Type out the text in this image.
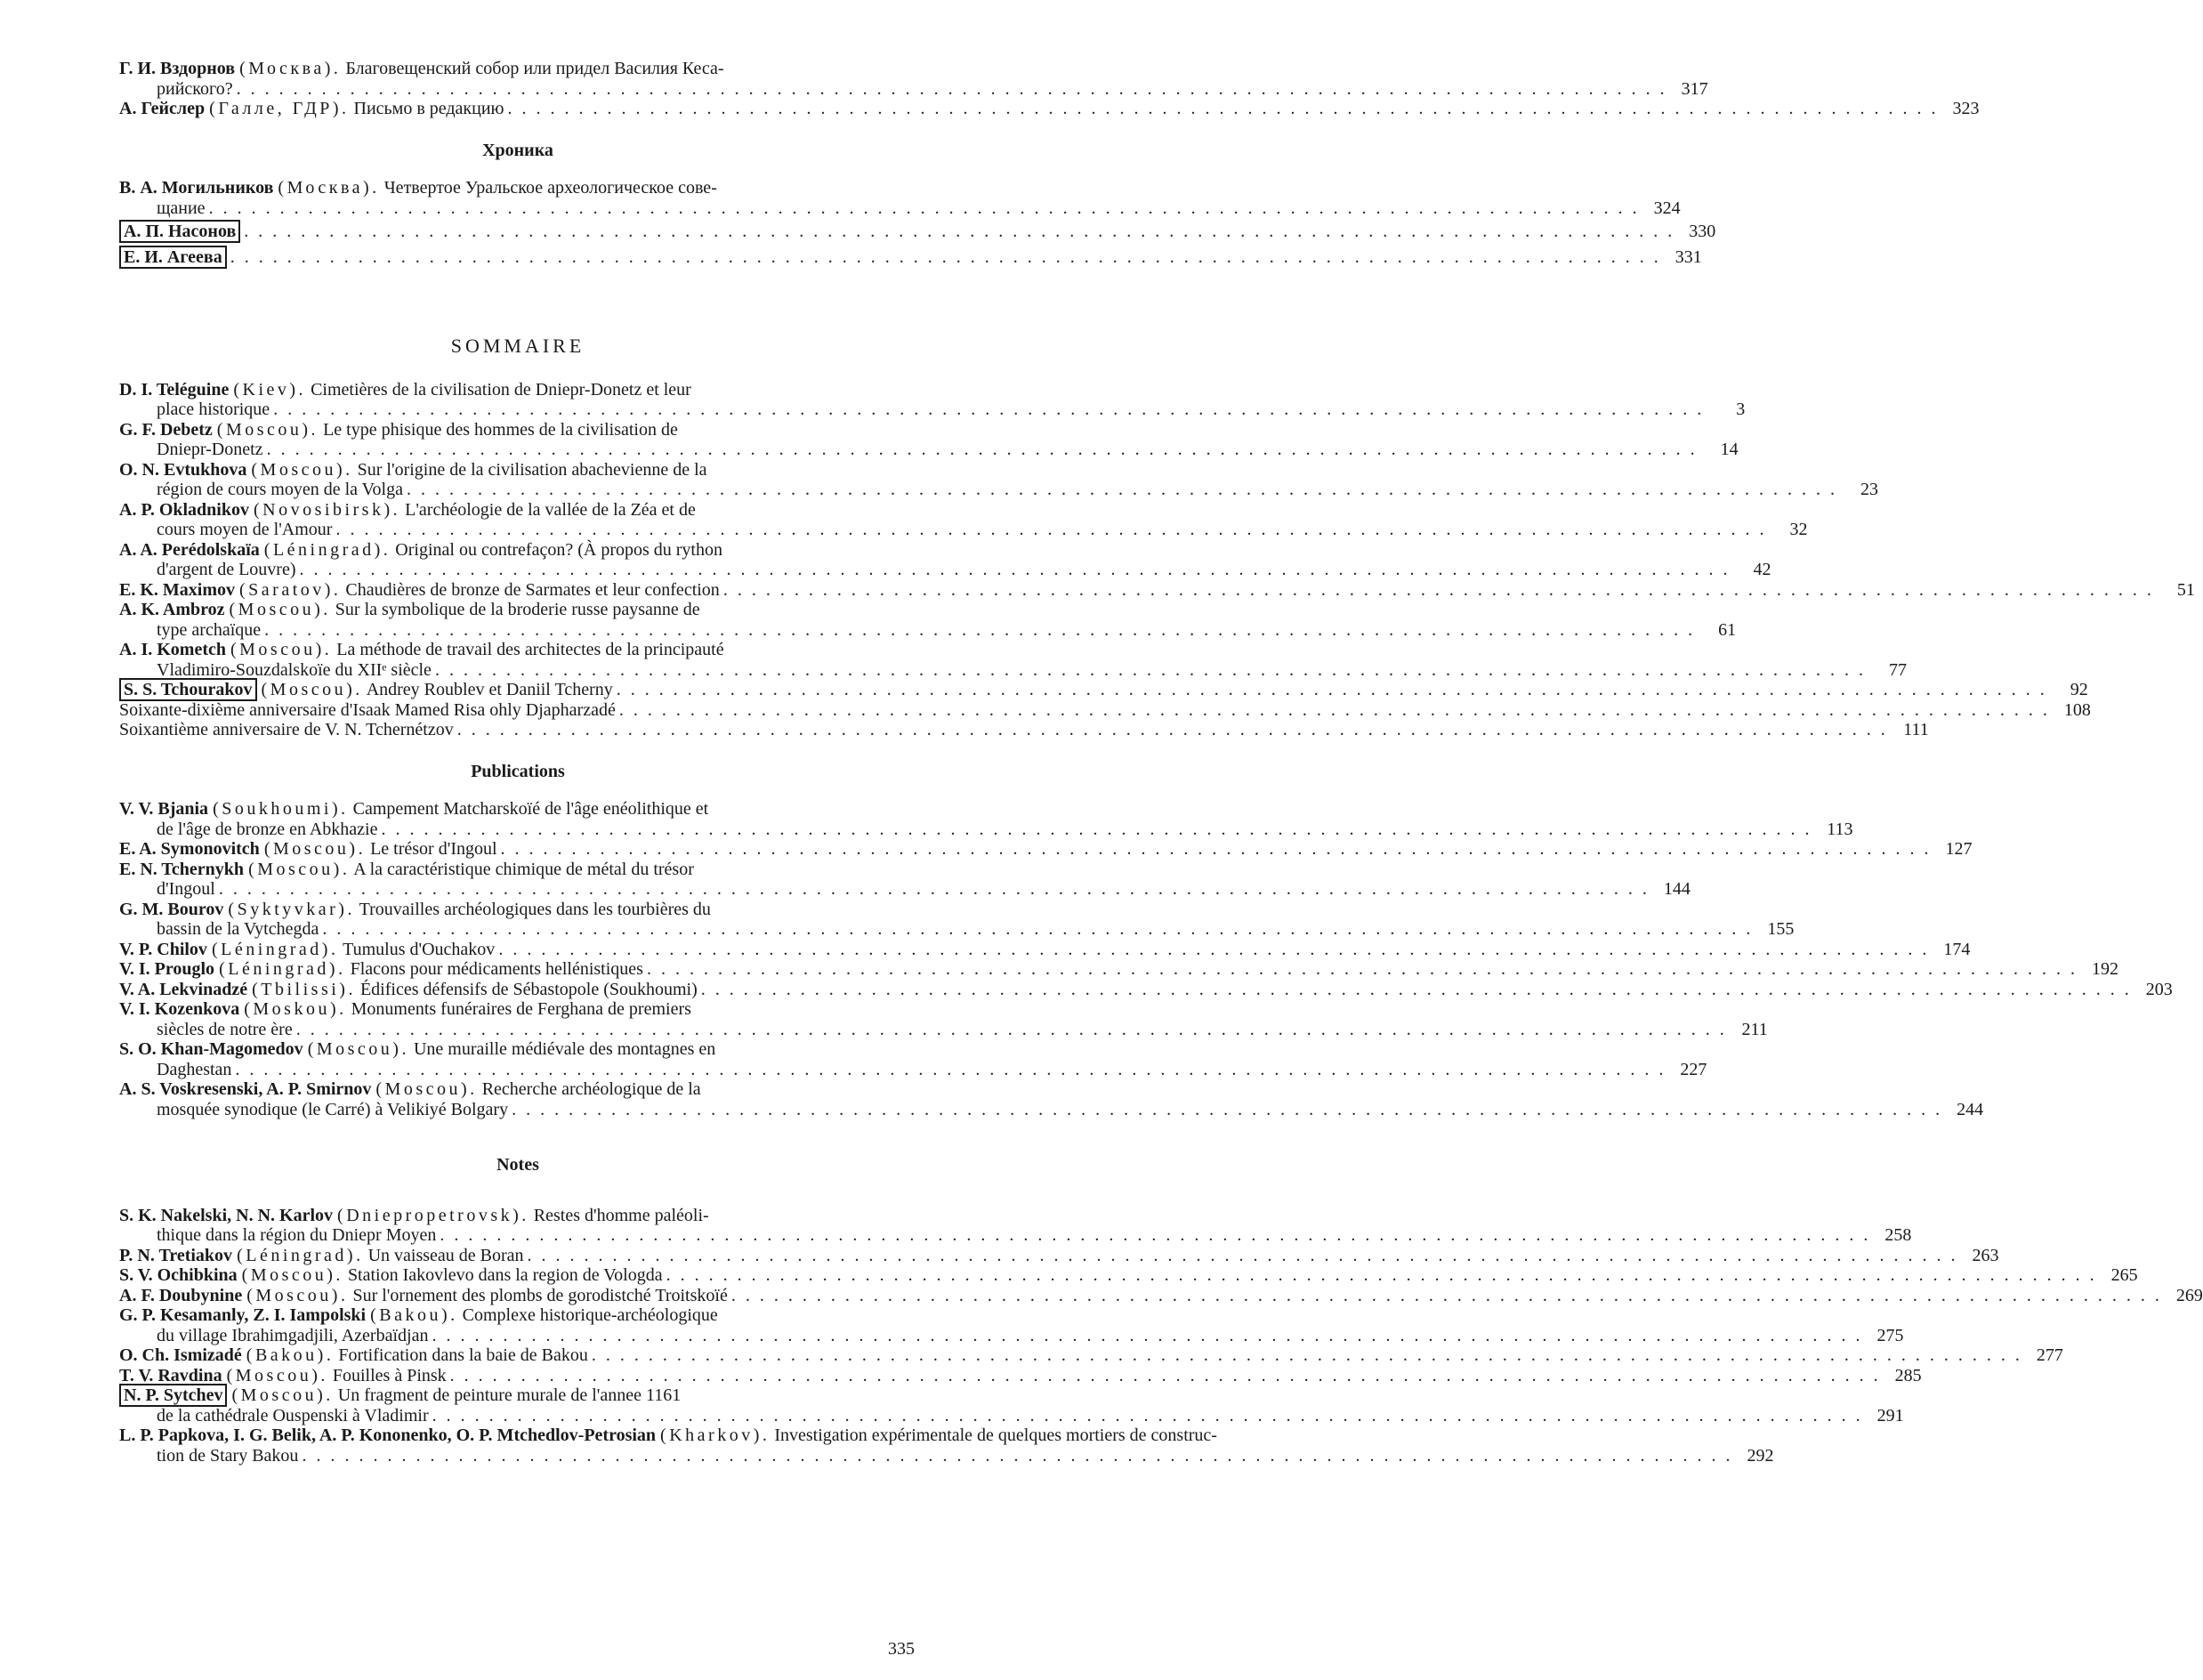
Г. И. Вздорнов (Москва). Благовещенский собор или придел Василия Кеса-
рийского? . . .	317
А. Гейслер (Галле, ГДР). Письмо в редакцию . . .	323
Хроника
В. А. Могильников (Москва). Четвертое Уральское археологическое сове-
щание . . .	324
А. П. Насонов . . .	330
Е. И. Агеева . . .	331
SOMMAIRE
D. I. Teléguine (Kiev). Cimetières de la civilisation de Dniepr-Donetz et leur
place historique . . .	3
G. F. Debetz (Moscou). Le type phisique des hommes de la civilisation de
Dniepr-Donetz . . .	14
O. N. Evtukhova (Moscou). Sur l'origine de la civilisation abachevienne de la
région de cours moyen de la Volga . . .	23
A. P. Okladnikov (Novosibirsk). L'archéologie de la vallée de la Zéa et de
cours moyen de l'Amour . . .	32
A. A. Perédolskaïa (Léningrad). Original ou contrefaçon? (À propos du rython
d'argent de Louvre) . . .	42
E. K. Maximov (Saratov). Chaudières de bronze de Sarmates et leur confection . . .	51
A. K. Ambroz (Moscou). Sur la symbolique de la broderie russe paysanne de
type archaïque . . .	61
A. I. Kometch (Moscou). La méthode de travail des architectes de la principauté
Vladimiro-Souzdalskoïe du XIIᵉ siècle . . .	77
S. S. Tchourakov (Moscou). Andrey Roublev et Daniil Tcherny . . .	92
Soixante-dixième anniversaire d'Isaak Mamed Risa ohly Djapharzadé . . .	108
Soixantième anniversaire de V. N. Tchernétzov . . .	111
Publications
V. V. Bjania (Soukhoumi). Campement Matcharskoïé de l'âge enéolithique et
de l'âge de bronze en Abkhazie . . .	113
E. A. Symonovitch (Moscou). Le trésor d'Ingoul . . .	127
E. N. Tchernykh (Moscou). A la caractéristique chimique de métal du trésor
d'Ingoul . . .	144
G. M. Bourov (Syktyvkar). Trouvailles archéologiques dans les tourbières du
bassin de la Vytchegda . . .	155
V. P. Chilov (Léningrad). Tumulus d'Ouchakov . . .	174
V. I. Prouglo (Léningrad). Flacons pour médicaments hellénistiques . . .	192
V. A. Lekvinadzé (Tbilissi). Édifices défensifs de Sébastopole (Soukhoumi) . . .	203
V. I. Kozenkova (Moskou). Monuments funéraires de Ferghana de premiers
siècles de notre ère . . .	211
S. O. Khan-Magomedov (Moscou). Une muraille médiévale des montagnes en
Daghestan . . .	227
A. S. Voskresenski, A. P. Smirnov (Moscou). Recherche archéologique de la
mosquée synodique (le Carré) à Velikiyé Bolgary . . .	244
Notes
S. K. Nakelski, N. N. Karlov (Dniepropetrovsk). Restes d'homme paléoli-
thique dans la région du Dniepr Moyen . . .	258
P. N. Tretiakov (Léningrad). Un vaisseau de Boran . . .	263
S. V. Ochibkina (Moscou). Station Iakovlevo dans la region de Vologda . . .	265
A. F. Doubynine (Moscou). Sur l'ornement des plombs de gorodistché Troitskoïé . . .	269
G. P. Kesamanly, Z. I. Iampolski (Bakou). Complexe historique-archéologique
du village Ibrahimgadjili, Azerbaïdjan . . .	275
O. Ch. Ismizadé (Bakou). Fortification dans la baie de Bakou . . .	277
T. V. Ravdina (Moscou). Fouilles à Pinsk . . .	285
N. P. Sytchev (Moscou). Un fragment de peinture murale de l'annee 1161
de la cathédrale Ouspenski à Vladimir . . .	291
L. P. Papkova, I. G. Belik, A. P. Kononenko, O. P. Mtchedlov-Petrosian (Kharkov). Investigation expérimentale de quelques mortiers de construc-
tion de Stary Bakou . . .	292
335
